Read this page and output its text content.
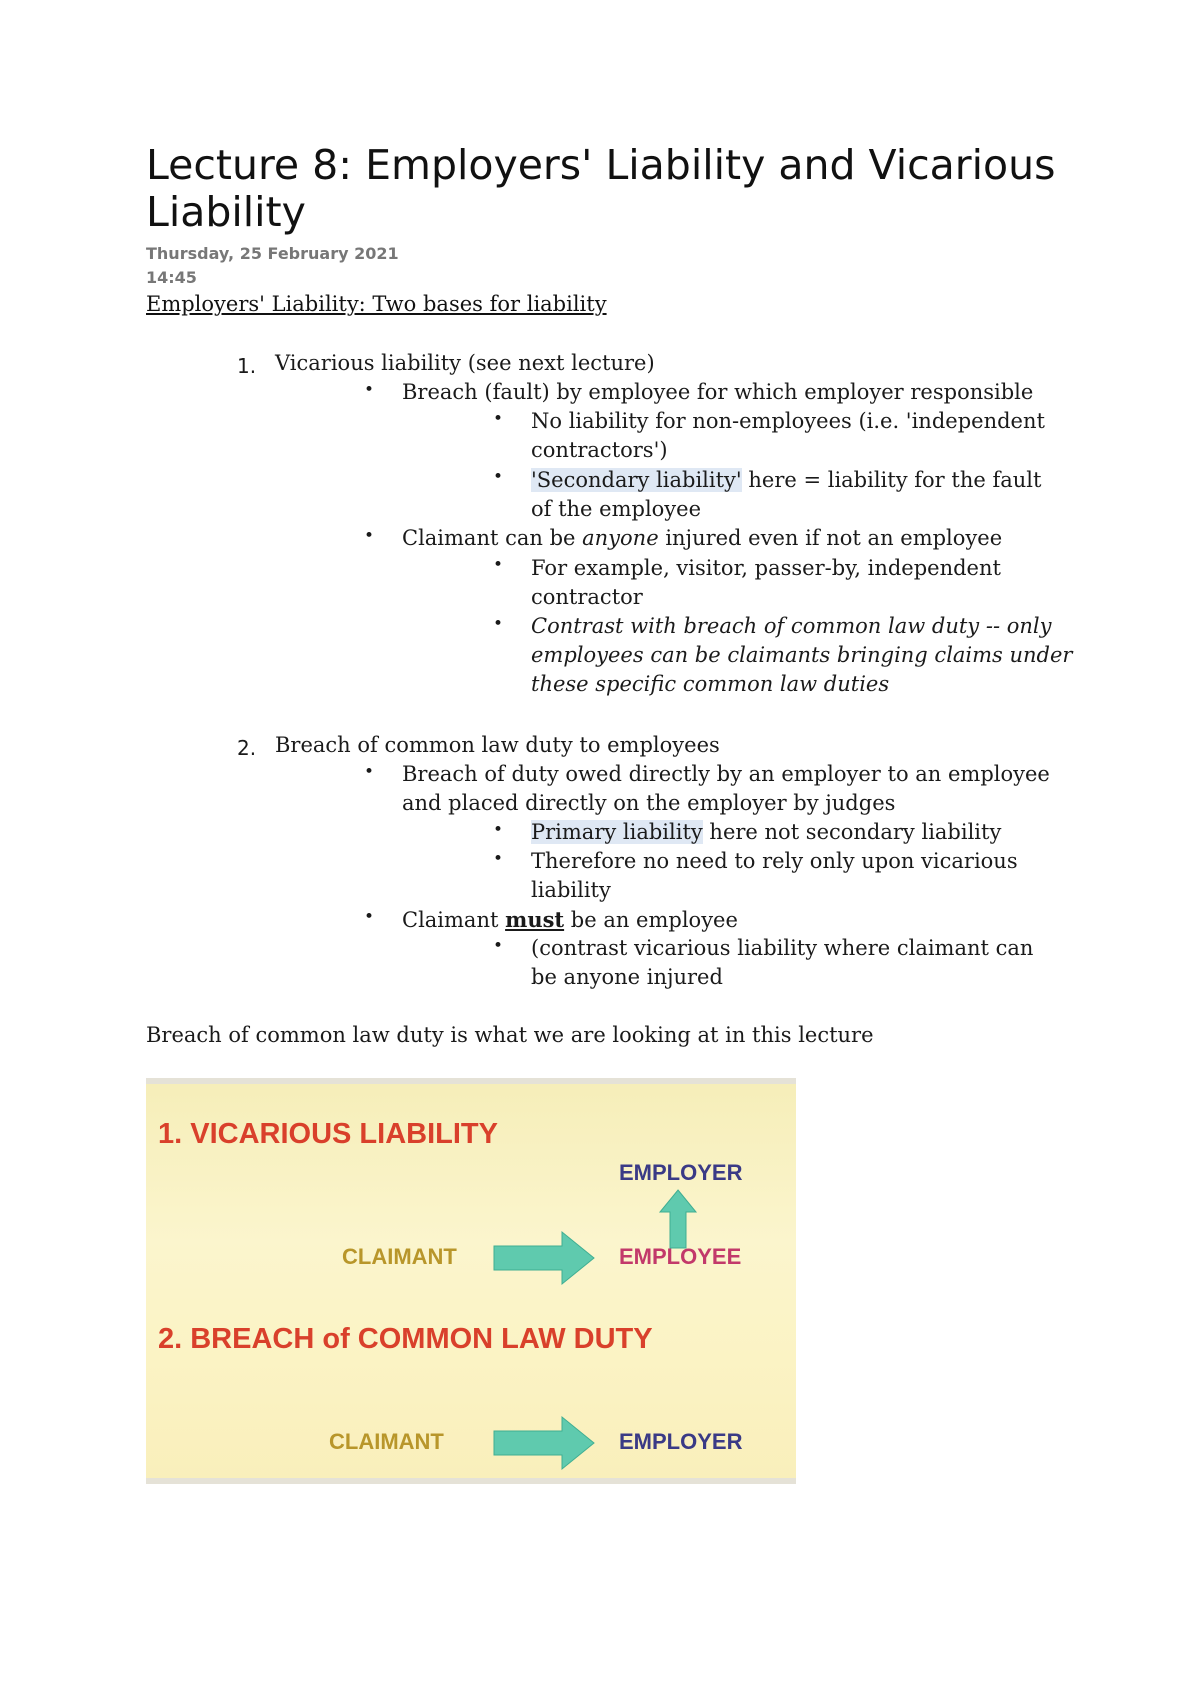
Lecture 8: Employers' Liability and Vicarious Liability
Thursday, 25 February 2021
14:45
Employers' Liability: Two bases for liability
1. Vicarious liability (see next lecture)
• Breach (fault) by employee for which employer responsible
• No liability for non-employees (i.e. 'independent
contractors')
• 'Secondary liability' here = liability for the fault
of the employee
• Claimant can be anyone injured even if not an employee
• For example, visitor, passer-by, independent
contractor
• Contrast with breach of common law duty -- only
employees can be claimants bringing claims under
these specific common law duties
2. Breach of common law duty to employees
• Breach of duty owed directly by an employer to an employee
and placed directly on the employer by judges
• Primary liability here not secondary liability
• Therefore no need to rely only upon vicarious
liability
• Claimant must be an employee
• (contrast vicarious liability where claimant can
be anyone injured
Breach of common law duty is what we are looking at in this lecture
1. VICARIOUS LIABILITY
EMPLOYER
CLAIMANT	EMPLOYEE
2. BREACH of COMMON LAW DUTY
CLAIMANT	EMPLOYER
